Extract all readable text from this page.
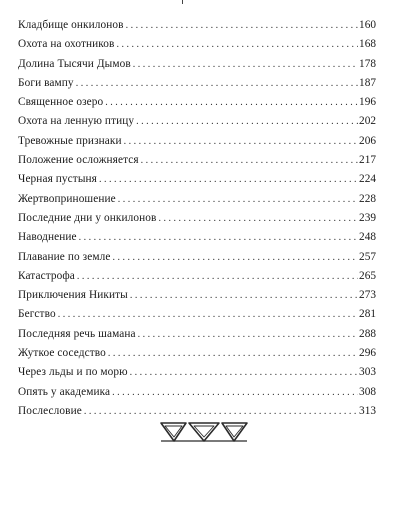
Кладбище онкилонов . . .	160
Охота на охотников . . .	168
Долина Тысячи Дымов . . .	178
Боги вампу . . .	187
Священное озеро . . .	196
Охота на ленную птицу . . .	202
Тревожные признаки . . .	206
Положение осложняется . . .	217
Черная пустыня . . .	224
Жертвоприношение . . .	228
Последние дни у онкилонов . . .	239
Наводнение . . .	248
Плавание по земле . . .	257
Катастрофа . . .	265
Приключения Никиты . . .	273
Бегство . . .	281
Последняя речь шамана . . .	288
Жуткое соседство . . .	296
Через льды и по морю . . .	303
Опять у академика . . .	308
Послесловие . . .	313
